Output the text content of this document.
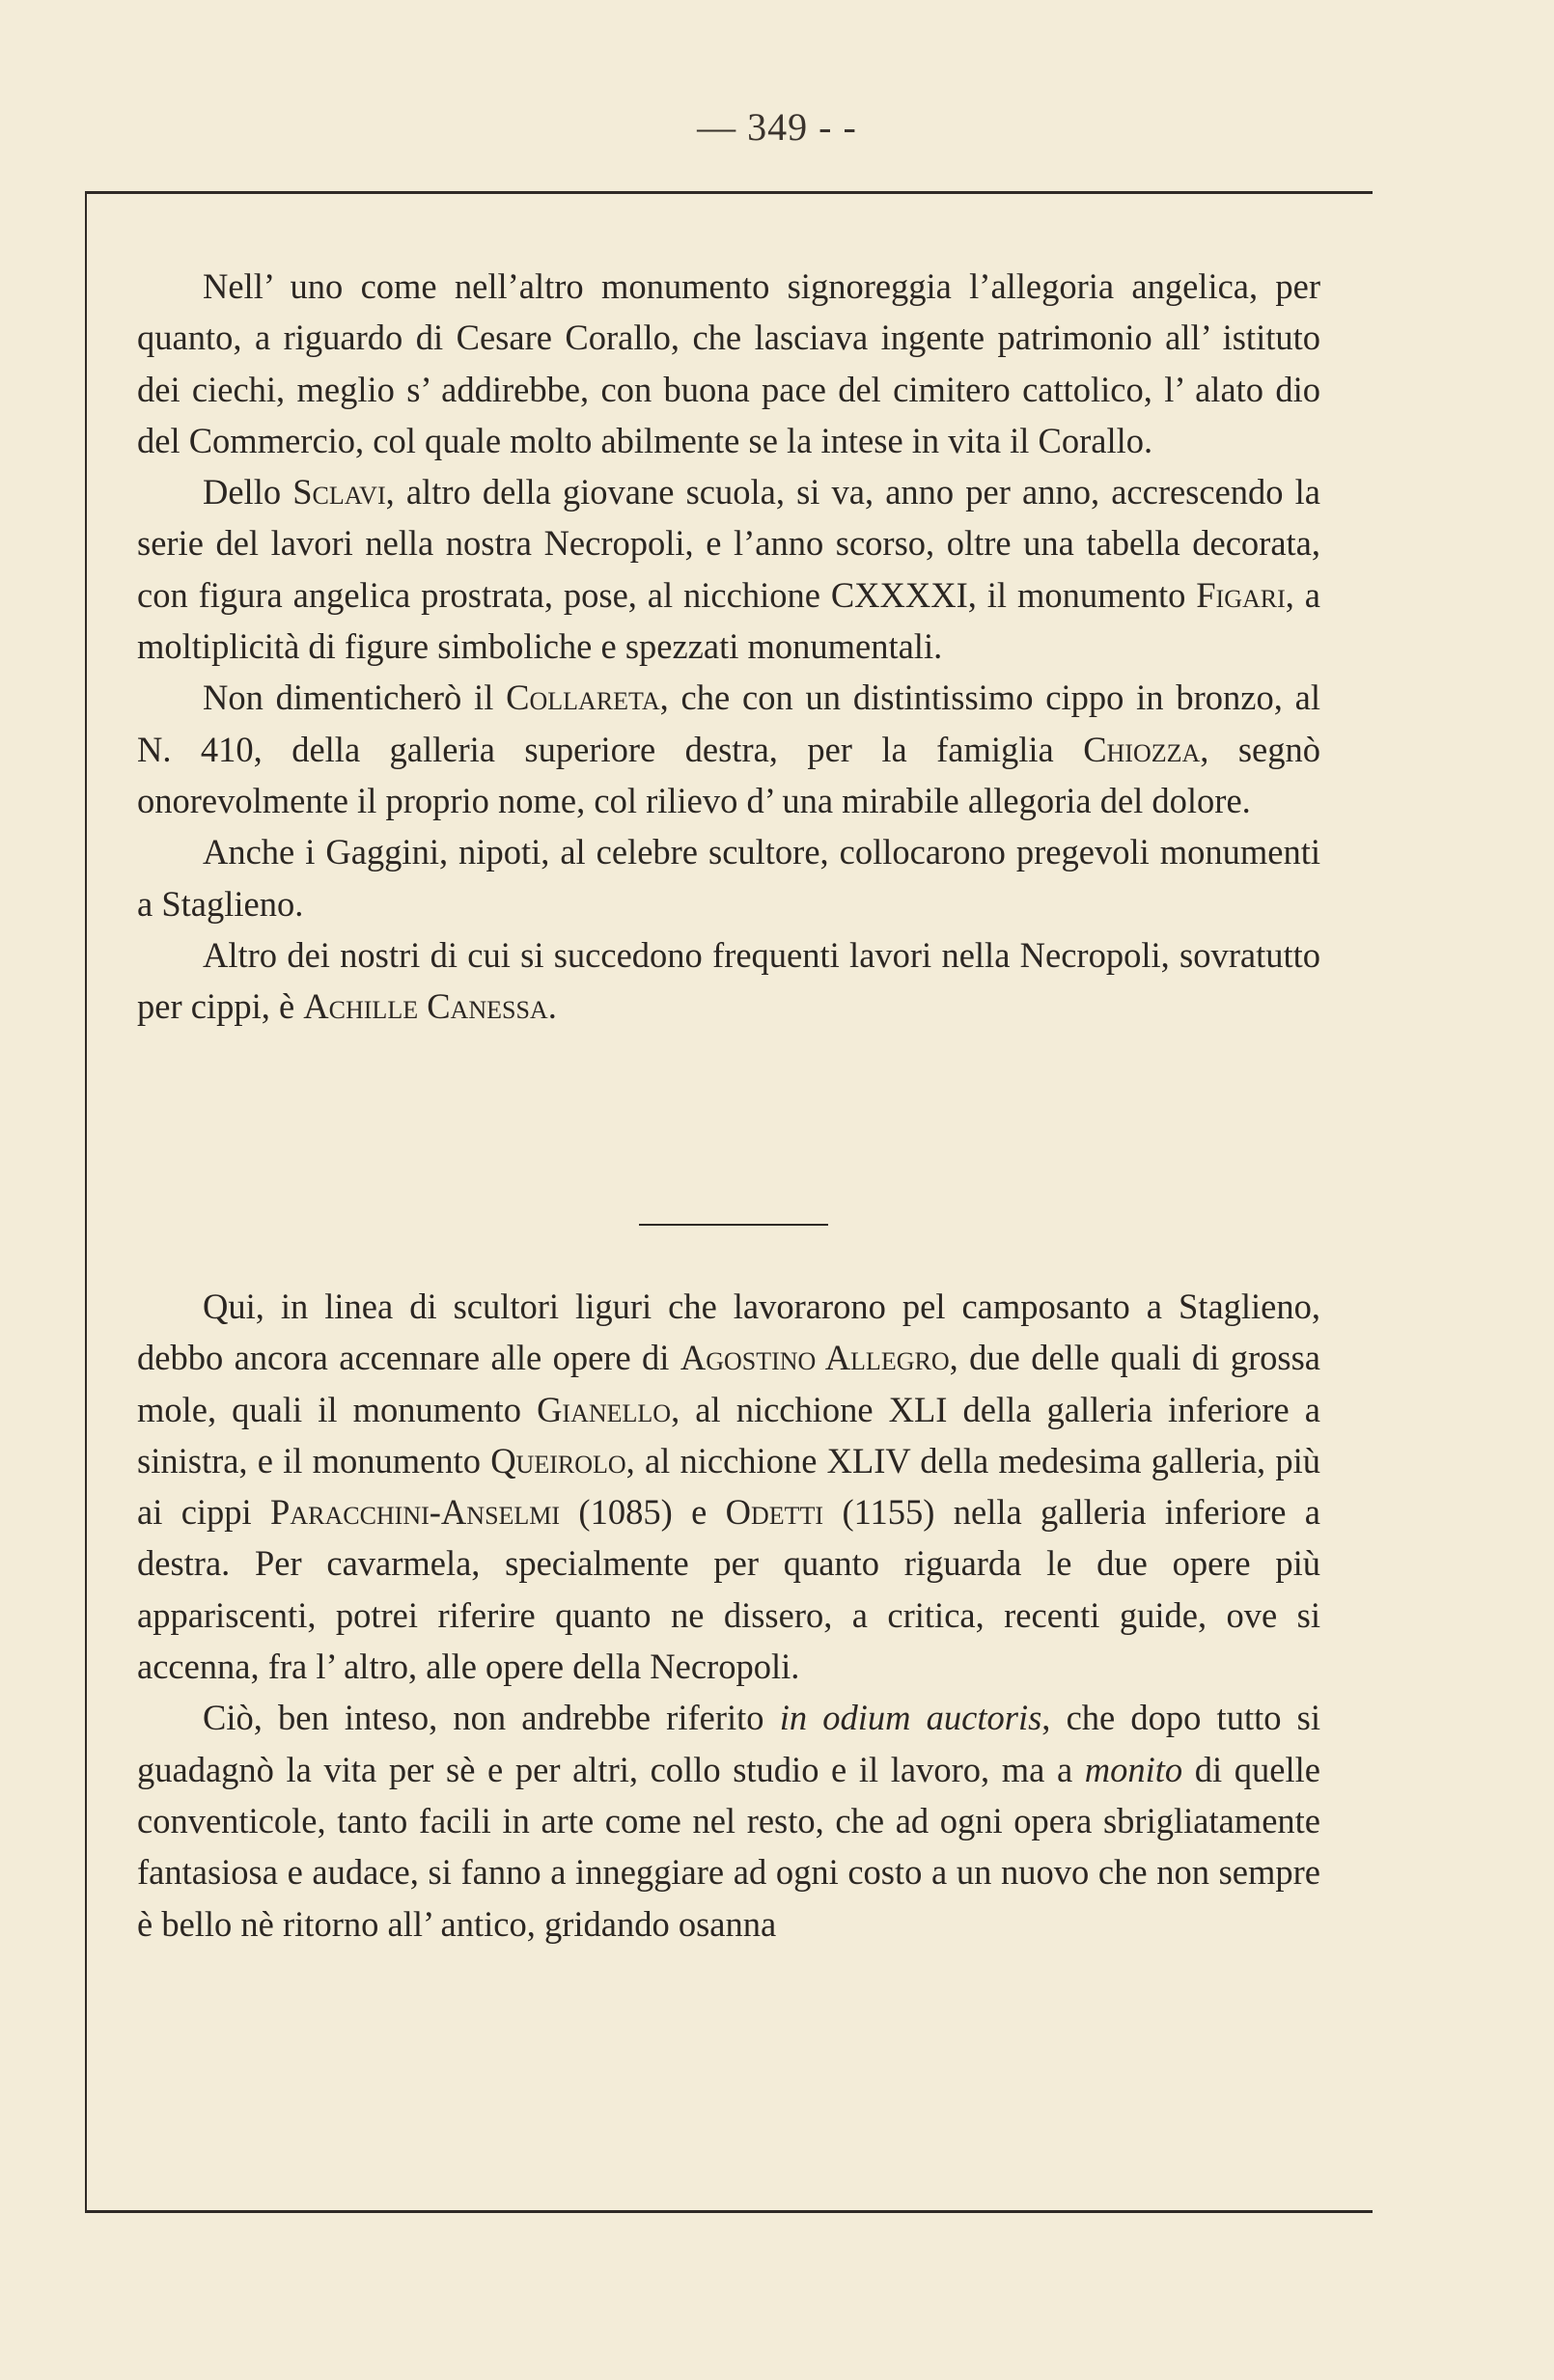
— 349 - -

Nell’ uno come nell’altro monumento signoreggia l’allegoria angelica, per quanto, a riguardo di Cesare Corallo, che lasciava ingente patrimonio all’ istituto dei ciechi, meglio s’ addirebbe, con buona pace del cimitero cattolico, l’ alato dio del Commercio, col quale molto abilmente se la intese in vita il Corallo.

Dello Sclavi, altro della giovane scuola, si va, anno per anno, accrescendo la serie del lavori nella nostra Necropoli, e l’anno scorso, oltre una tabella decorata, con figura angelica prostrata, pose, al nicchione CXXXXI, il monumento Figari, a moltiplicità di figure simboliche e spezzati monumentali.

Non dimenticherò il Collareta, che con un distintissimo cippo in bronzo, al N. 410, della galleria superiore destra, per la famiglia Chiozza, segnò onorevolmente il proprio nome, col rilievo d’ una mirabile allegoria del dolore.

Anche i Gaggini, nipoti, al celebre scultore, collocarono pregevoli monumenti a Staglieno.

Altro dei nostri di cui si succedono frequenti lavori nella Necropoli, sovratutto per cippi, è Achille Canessa.

Qui, in linea di scultori liguri che lavorarono pel camposanto a Staglieno, debbo ancora accennare alle opere di Agostino Allegro, due delle quali di grossa mole, quali il monumento Gianello, al nicchione XLI della galleria inferiore a sinistra, e il monumento Queirolo, al nicchione XLIV della medesima galleria, più ai cippi Paracchini-Anselmi (1085) e Odetti (1155) nella galleria inferiore a destra. Per cavarmela, specialmente per quanto riguarda le due opere più appariscenti, potrei riferire quanto ne dissero, a critica, recenti guide, ove si accenna, fra l’ altro, alle opere della Necropoli.

Ciò, ben inteso, non andrebbe riferito in odium auctoris, che dopo tutto si guadagnò la vita per sè e per altri, collo studio e il lavoro, ma a monito di quelle conventicole, tanto facili in arte come nel resto, che ad ogni opera sbrigliatamente fantasiosa e audace, si fanno a inneggiare ad ogni costo a un nuovo che non sempre è bello nè ritorno all’ antico, gridando osanna
